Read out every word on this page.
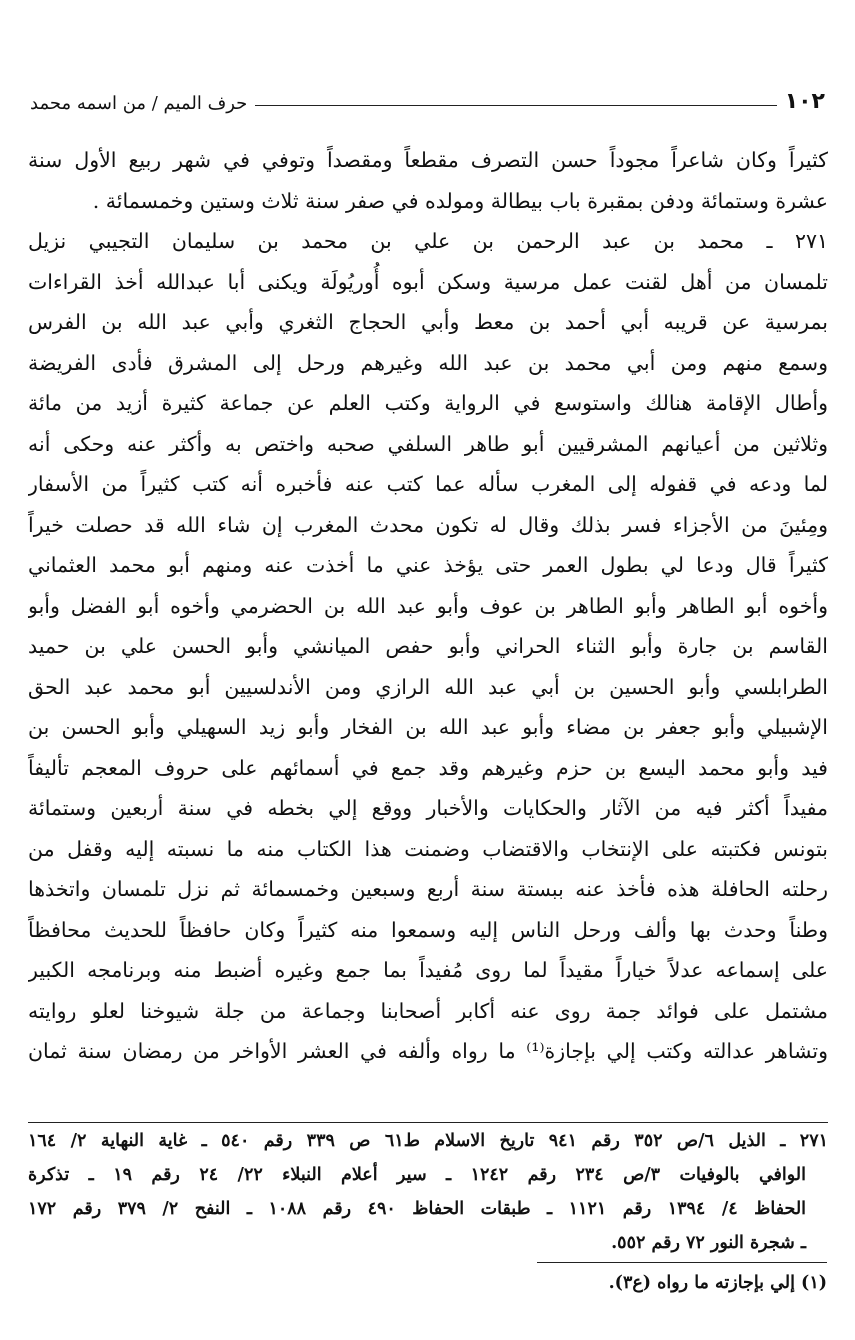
١٠٢
حرف الميم / من اسمه محمد
كثيراً وكان شاعراً مجوداً حسن التصرف مقطعاً ومقصداً وتوفي في شهر ربيع الأول سنة
عشرة وستمائة ودفن بمقبرة باب بيطالة ومولده في صفر سنة ثلاث وستين وخمسمائة .
٢٧١ ـ محمد بن عبد الرحمن بن علي بن محمد بن سليمان التجيبي نزيل
تلمسان من أهل لقنت عمل مرسية وسكن أبوه أُوريُولَة ويكنى أبا عبدالله أخذ القراءات
بمرسية عن قريبه أبي أحمد بن معط وأبي الحجاج الثغري وأبي عبد الله بن الفرس
وسمع منهم ومن أبي محمد بن عبد الله وغيرهم ورحل إلى المشرق فأدى الفريضة
وأطال الإقامة هنالك واستوسع في الرواية وكتب العلم عن جماعة كثيرة أزيد من مائة
وثلاثين من أعيانهم المشرقيين أبو طاهر السلفي صحبه واختص به وأكثر عنه وحكى أنه
لما ودعه في قفوله إلى المغرب سأله عما كتب عنه فأخبره أنه كتب كثيراً من الأسفار
ومِئينَ من الأجزاء فسر بذلك وقال له تكون محدث المغرب إن شاء الله قد حصلت خيراً
كثيراً قال ودعا لي بطول العمر حتى يؤخذ عني ما أخذت عنه ومنهم أبو محمد العثماني
وأخوه أبو الطاهر وأبو الطاهر بن عوف وأبو عبد الله بن الحضرمي وأخوه أبو الفضل وأبو
القاسم بن جارة وأبو الثناء الحراني وأبو حفص الميانشي وأبو الحسن علي بن حميد
الطرابلسي وأبو الحسين بن أبي عبد الله الرازي ومن الأندلسيين أبو محمد عبد الحق
الإشبيلي وأبو جعفر بن مضاء وأبو عبد الله بن الفخار وأبو زيد السهيلي وأبو الحسن بن
فيد وأبو محمد اليسع بن حزم وغيرهم وقد جمع في أسمائهم على حروف المعجم تأليفاً
مفيداً أكثر فيه من الآثار والحكايات والأخبار ووقع إلي بخطه في سنة أربعين وستمائة
بتونس فكتبته على الإنتخاب والاقتضاب وضمنت هذا الكتاب منه ما نسبته إليه وقفل من
رحلته الحافلة هذه فأخذ عنه ببستة سنة أربع وسبعين وخمسمائة ثم نزل تلمسان واتخذها
وطناً وحدث بها وألف ورحل الناس إليه وسمعوا منه كثيراً وكان حافظاً للحديث محافظاً
على إسماعه عدلاً خياراً مقيداً لما روى مُفيداً بما جمع وغيره أضبط منه وبرنامجه الكبير
مشتمل على فوائد جمة روى عنه أكابر أصحابنا وجماعة من جلة شيوخنا لعلو روايته
وتشاهر عدالته وكتب إلي بإجازة⁽¹⁾ ما رواه وألفه في العشر الأواخر من رمضان سنة ثمان
٢٧١ ـ الذيل ٦/ص ٣٥٢ رقم ٩٤١ تاريخ الاسلام ط٦١ ص ٣٣٩ رقم ٥٤٠ ـ غاية النهاية ٢/ ١٦٤
الوافي بالوفيات ٣/ص ٢٣٤ رقم ١٢٤٢ ـ سير أعلام النبلاء ٢٢/ ٢٤ رقم ١٩ ـ تذكرة
الحفاظ ٤/ ١٣٩٤ رقم ١١٢١ ـ طبقات الحفاظ ٤٩٠ رقم ١٠٨٨ ـ النفح ٢/ ٣٧٩ رقم ١٧٢
ـ شجرة النور ٧٢ رقم ٥٥٢.
(١) إلي بإجازته ما رواه (ع٣).
